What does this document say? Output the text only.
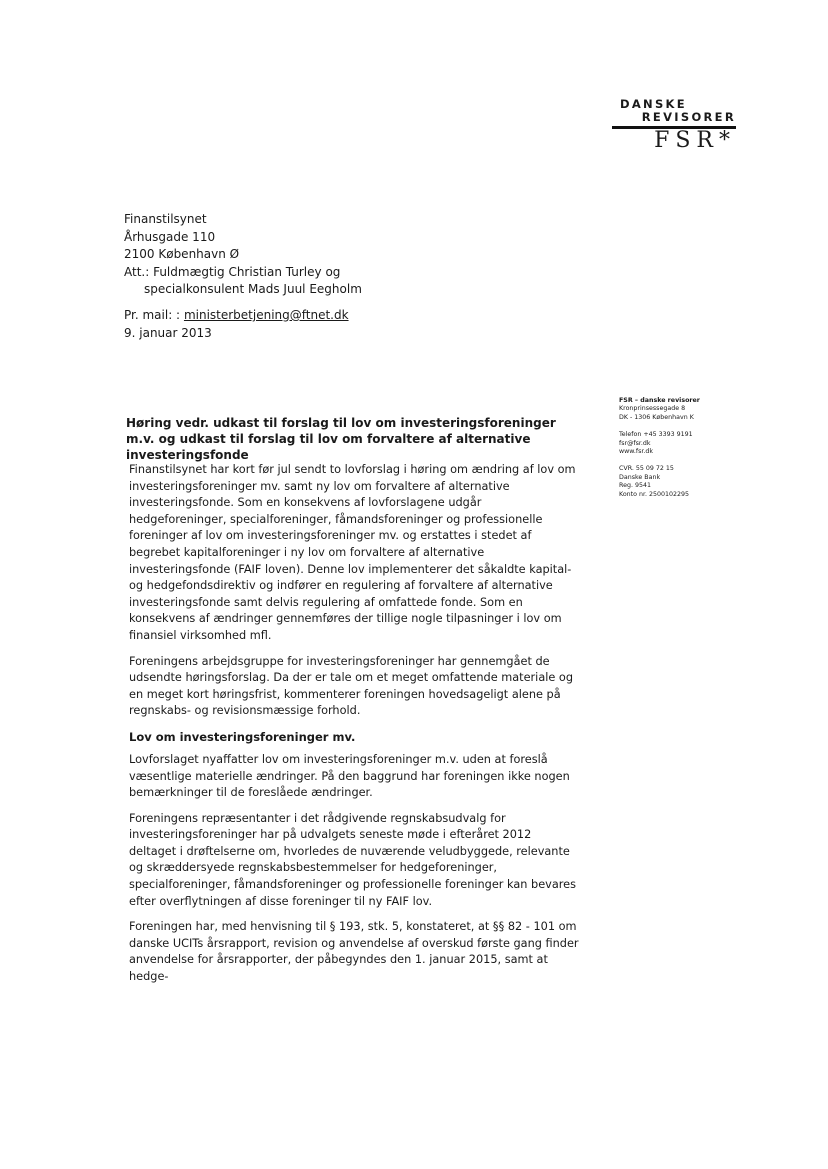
DANSKE
REVISORER
FSR*
Finanstilsynet
Århusgade 110
2100 København Ø
Att.: Fuldmægtig Christian Turley og
specialkonsulent Mads Juul Eegholm
Pr. mail: : ministerbetjening@ftnet.dk
9. januar 2013
FSR – danske revisorer
Kronprinsessegade 8
DK - 1306 København K
Telefon +45 3393 9191
fsr@fsr.dk
www.fsr.dk
CVR. 55 09 72 15
Danske Bank
Reg. 9541
Konto nr. 2500102295
Høring vedr. udkast til forslag til lov om investeringsforeninger m.v. og udkast til forslag til lov om forvaltere af alternative investeringsfonde

Finanstilsynet har kort før jul sendt to lovforslag i høring om ændring af lov om investeringsforeninger mv. samt ny lov om forvaltere af alternative investeringsfonde. Som en konsekvens af lovforslagene udgår hedgeforeninger, specialforeninger, fåmandsforeninger og professionelle foreninger af lov om investeringsforeninger mv. og erstattes i stedet af begrebet kapitalforeninger i ny lov om forvaltere af alternative investeringsfonde (FAIF loven). Denne lov implementerer det såkaldte kapital- og hedgefondsdirektiv og indfører en regulering af forvaltere af alternative investeringsfonde samt delvis regulering af omfattede fonde. Som en konsekvens af ændringer gennemføres der tillige nogle tilpasninger i lov om finansiel virksomhed mfl.

Foreningens arbejdsgruppe for investeringsforeninger har gennemgået de udsendte høringsforslag. Da der er tale om et meget omfattende materiale og en meget kort høringsfrist, kommenterer foreningen hovedsageligt alene på regnskabs- og revisionsmæssige forhold.

Lov om investeringsforeninger mv.

Lovforslaget nyaffatter lov om investeringsforeninger m.v. uden at foreslå væsentlige materielle ændringer. På den baggrund har foreningen ikke nogen bemærkninger til de foreslåede ændringer.

Foreningens repræsentanter i det rådgivende regnskabsudvalg for investeringsforeninger har på udvalgets seneste møde i efteråret 2012 deltaget i drøftelserne om, hvorledes de nuværende veludbyggede, relevante og skræddersyede regnskabsbestemmelser for hedgeforeninger, specialforeninger, fåmandsforeninger og professionelle foreninger kan bevares efter overflytningen af disse foreninger til ny FAIF lov.

Foreningen har, med henvisning til § 193, stk. 5, konstateret, at §§ 82 - 101 om danske UCITs årsrapport, revision og anvendelse af overskud første gang finder anvendelse for årsrapporter, der påbegyndes den 1. januar 2015, samt at hedge-
